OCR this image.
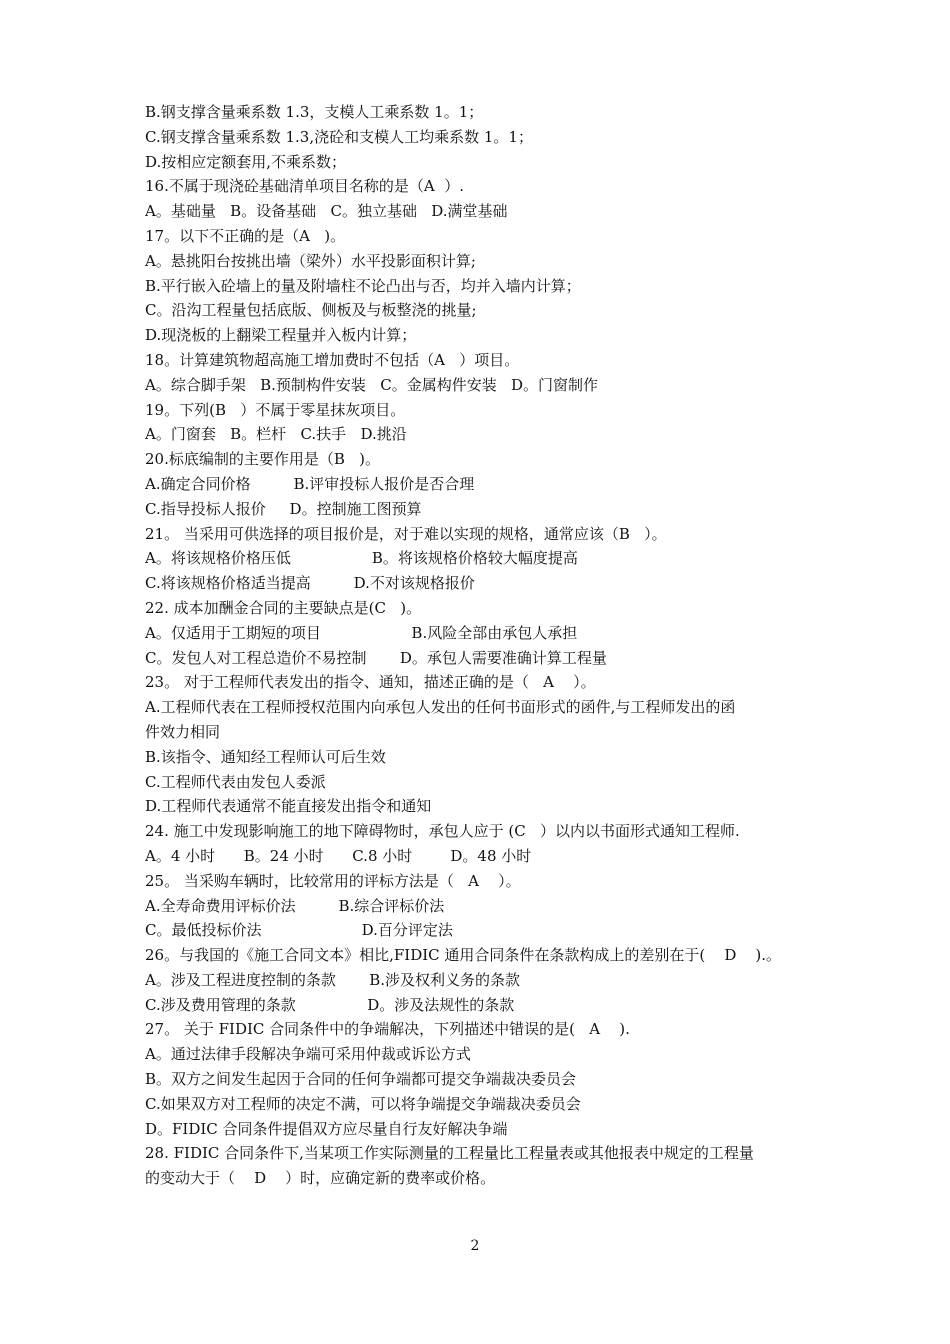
B.钢支撑含量乘系数 1.3，支模人工乘系数 1。1；
C.钢支撑含量乘系数 1.3,浇砼和支模人工均乘系数 1。1；
D.按相应定额套用,不乘系数；
16.不属于现浇砼基础清单项目名称的是（A  ）.
A。基础量   B。设备基础   C。独立基础   D.满堂基础
17。以下不正确的是（A   )。
A。悬挑阳台按挑出墙（梁外）水平投影面积计算;
B.平行嵌入砼墙上的量及附墙柱不论凸出与否，均并入墙内计算；
C。沿沟工程量包括底版、侧板及与板整浇的挑量;
D.现浇板的上翻梁工程量并入板内计算；
18。计算建筑物超高施工增加费时不包括（A   ）项目。
A。综合脚手架   B.预制构件安装   C。金属构件安装   D。门窗制作
19。下列(B   ）不属于零星抹灰项目。
A。门窗套   B。栏杆   C.扶手   D.挑沿
20.标底编制的主要作用是（B   )。
A.确定合同价格         B.评审投标人报价是否合理
C.指导投标人报价     D。控制施工图预算
21。 当采用可供选择的项目报价是，对于难以实现的规格，通常应该（B   ）。
A。将该规格价格压低                 B。将该规格价格较大幅度提高
C.将该规格价格适当提高         D.不对该规格报价
22. 成本加酬金合同的主要缺点是(C   )。
A。仅适用于工期短的项目                   B.风险全部由承包人承担
C。发包人对工程总造价不易控制       D。承包人需要准确计算工程量
23。 对于工程师代表发出的指令、通知，描述正确的是（   A    ）。
A.工程师代表在工程师授权范围内向承包人发出的任何书面形式的函件,与工程师发出的函
件效力相同
B.该指令、通知经工程师认可后生效
C.工程师代表由发包人委派
D.工程师代表通常不能直接发出指令和通知
24. 施工中发现影响施工的地下障碍物时，承包人应于 (C   ）以内以书面形式通知工程师.
A。4 小时      B。24 小时      C.8 小时        D。48 小时
25。 当采购车辆时，比较常用的评标方法是（   A    ）。
A.全寿命费用评标价法         B.综合评标价法
C。最低投标价法                     D.百分评定法
26。与我国的《施工合同文本》相比,FIDIC 通用合同条件在条款构成上的差别在于(    D    ).。
A。涉及工程进度控制的条款       B.涉及权利义务的条款
C.涉及费用管理的条款               D。涉及法规性的条款
27。 关于 FIDIC 合同条件中的争端解决，下列描述中错误的是(   A    ).
A。通过法律手段解决争端可采用仲裁或诉讼方式
B。双方之间发生起因于合同的任何争端都可提交争端裁决委员会
C.如果双方对工程师的决定不满，可以将争端提交争端裁决委员会
D。FIDIC 合同条件提倡双方应尽量自行友好解决争端
28. FIDIC 合同条件下,当某项工作实际测量的工程量比工程量表或其他报表中规定的工程量
的变动大于（    D    ）时，应确定新的费率或价格。
2
